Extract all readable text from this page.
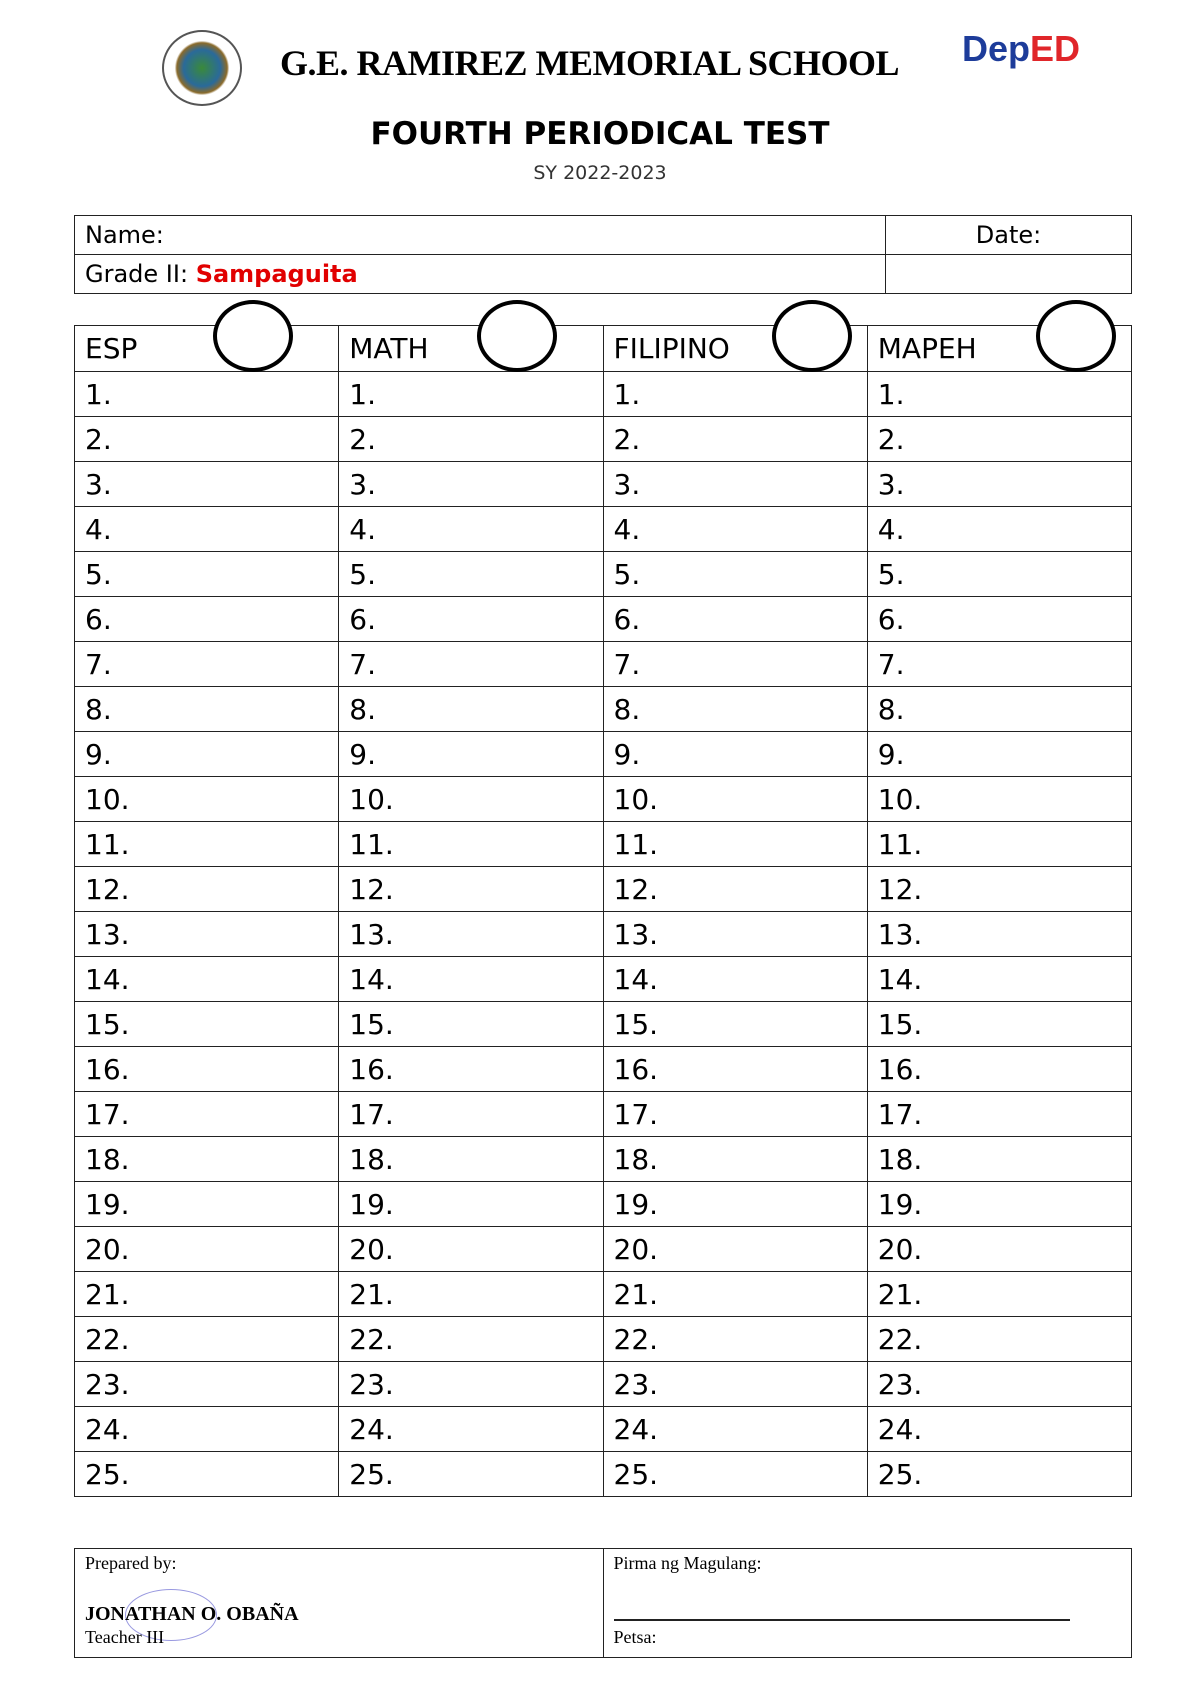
G.E. RAMIREZ MEMORIAL SCHOOL DepED
FOURTH PERIODICAL TEST
SY 2022-2023
Name:	Date:
Grade II: Sampaguita	
ESP	MATH	FILIPINO	MAPEH

1.	1.	1.	1.
2.	2.	2.	2.
3.	3.	3.	3.
4.	4.	4.	4.
5.	5.	5.	5.
6.	6.	6.	6.
7.	7.	7.	7.
8.	8.	8.	8.
9.	9.	9.	9.
10.	10.	10.	10.
11.	11.	11.	11.
12.	12.	12.	12.
13.	13.	13.	13.
14.	14.	14.	14.
15.	15.	15.	15.
16.	16.	16.	16.
17.	17.	17.	17.
18.	18.	18.	18.
19.	19.	19.	19.
20.	20.	20.	20.
21.	21.	21.	21.
22.	22.	22.	22.
23.	23.	23.	23.
24.	24.	24.	24.
25.	25.	25.	25.
Prepared by:
JONATHAN O. OBAÑA
Teacher III
	Pirma ng Magulang:
Petsa:
